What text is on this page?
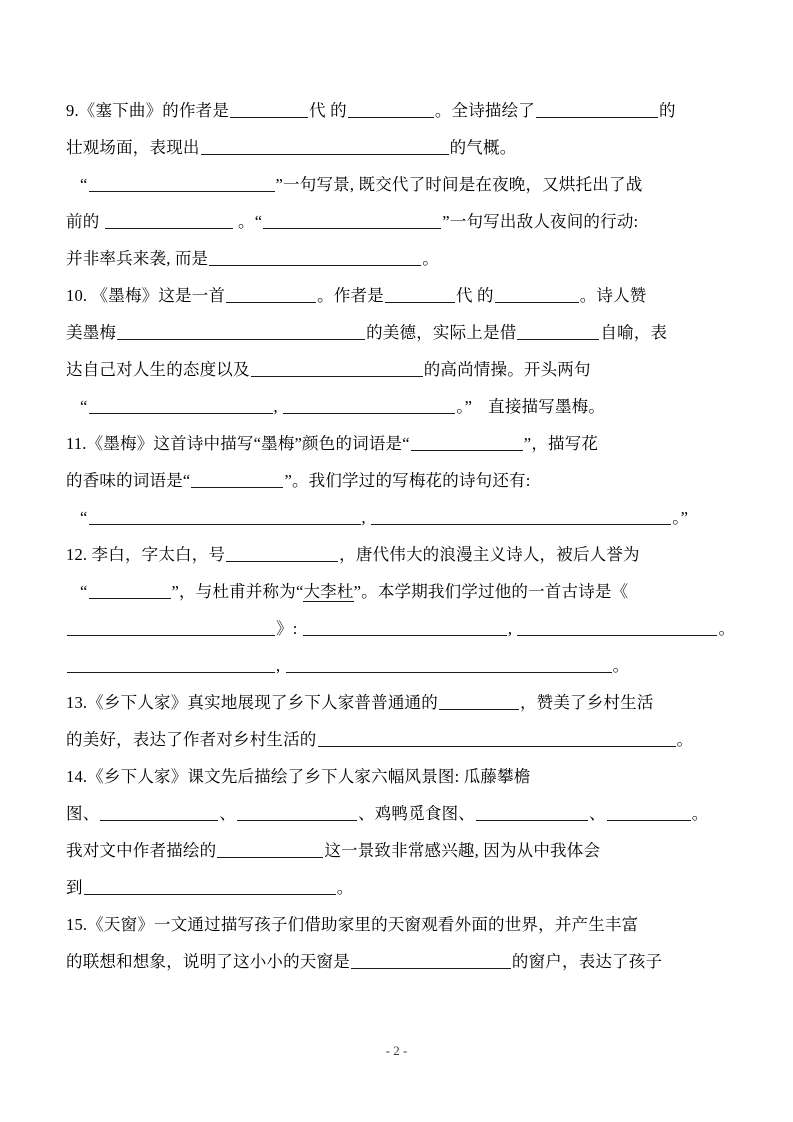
9.《塞下曲》的作者是	代 的	。全诗描绘了	的
壮观场面，表现出	的气概。
“	”一句写景, 既交代了时间是在夜晚，又烘托出了战
前的	。“	”一句写出敌人夜间的行动:
并非率兵来袭, 而是	。
10. 《墨梅》这是一首	。作者是	代 的	。诗人赞
美墨梅	的美德，实际上是借	自喻，表
达自己对人生的态度以及	的高尚情操。开头两句
“	,	。” 直接描写墨梅。
11.《墨梅》这首诗中描写“墨梅”颜色的词语是“	”，描写花
的香味的词语是“	”。我们学过的写梅花的诗句还有:
“	,	。”
12. 李白，字太白，号	，唐代伟大的浪漫主义诗人，被后人誉为
“	”，与杜甫并称为“大李杜”。本学期我们学过他的一首古诗是《
》:	,	。
,	。
13.《乡下人家》真实地展现了乡下人家普普通通的	，赞美了乡村生活
的美好，表达了作者对乡村生活的	。
14.《乡下人家》课文先后描绘了乡下人家六幅风景图: 瓜藤攀檐
图、	、	、鸡鸭觅食图、	、	。
我对文中作者描绘的	这一景致非常感兴趣, 因为从中我体会
到	。
15.《天窗》一文通过描写孩子们借助家里的天窗观看外面的世界，并产生丰富
的联想和想象，说明了这小小的天窗是	的窗户，表达了孩子
- 2 -
